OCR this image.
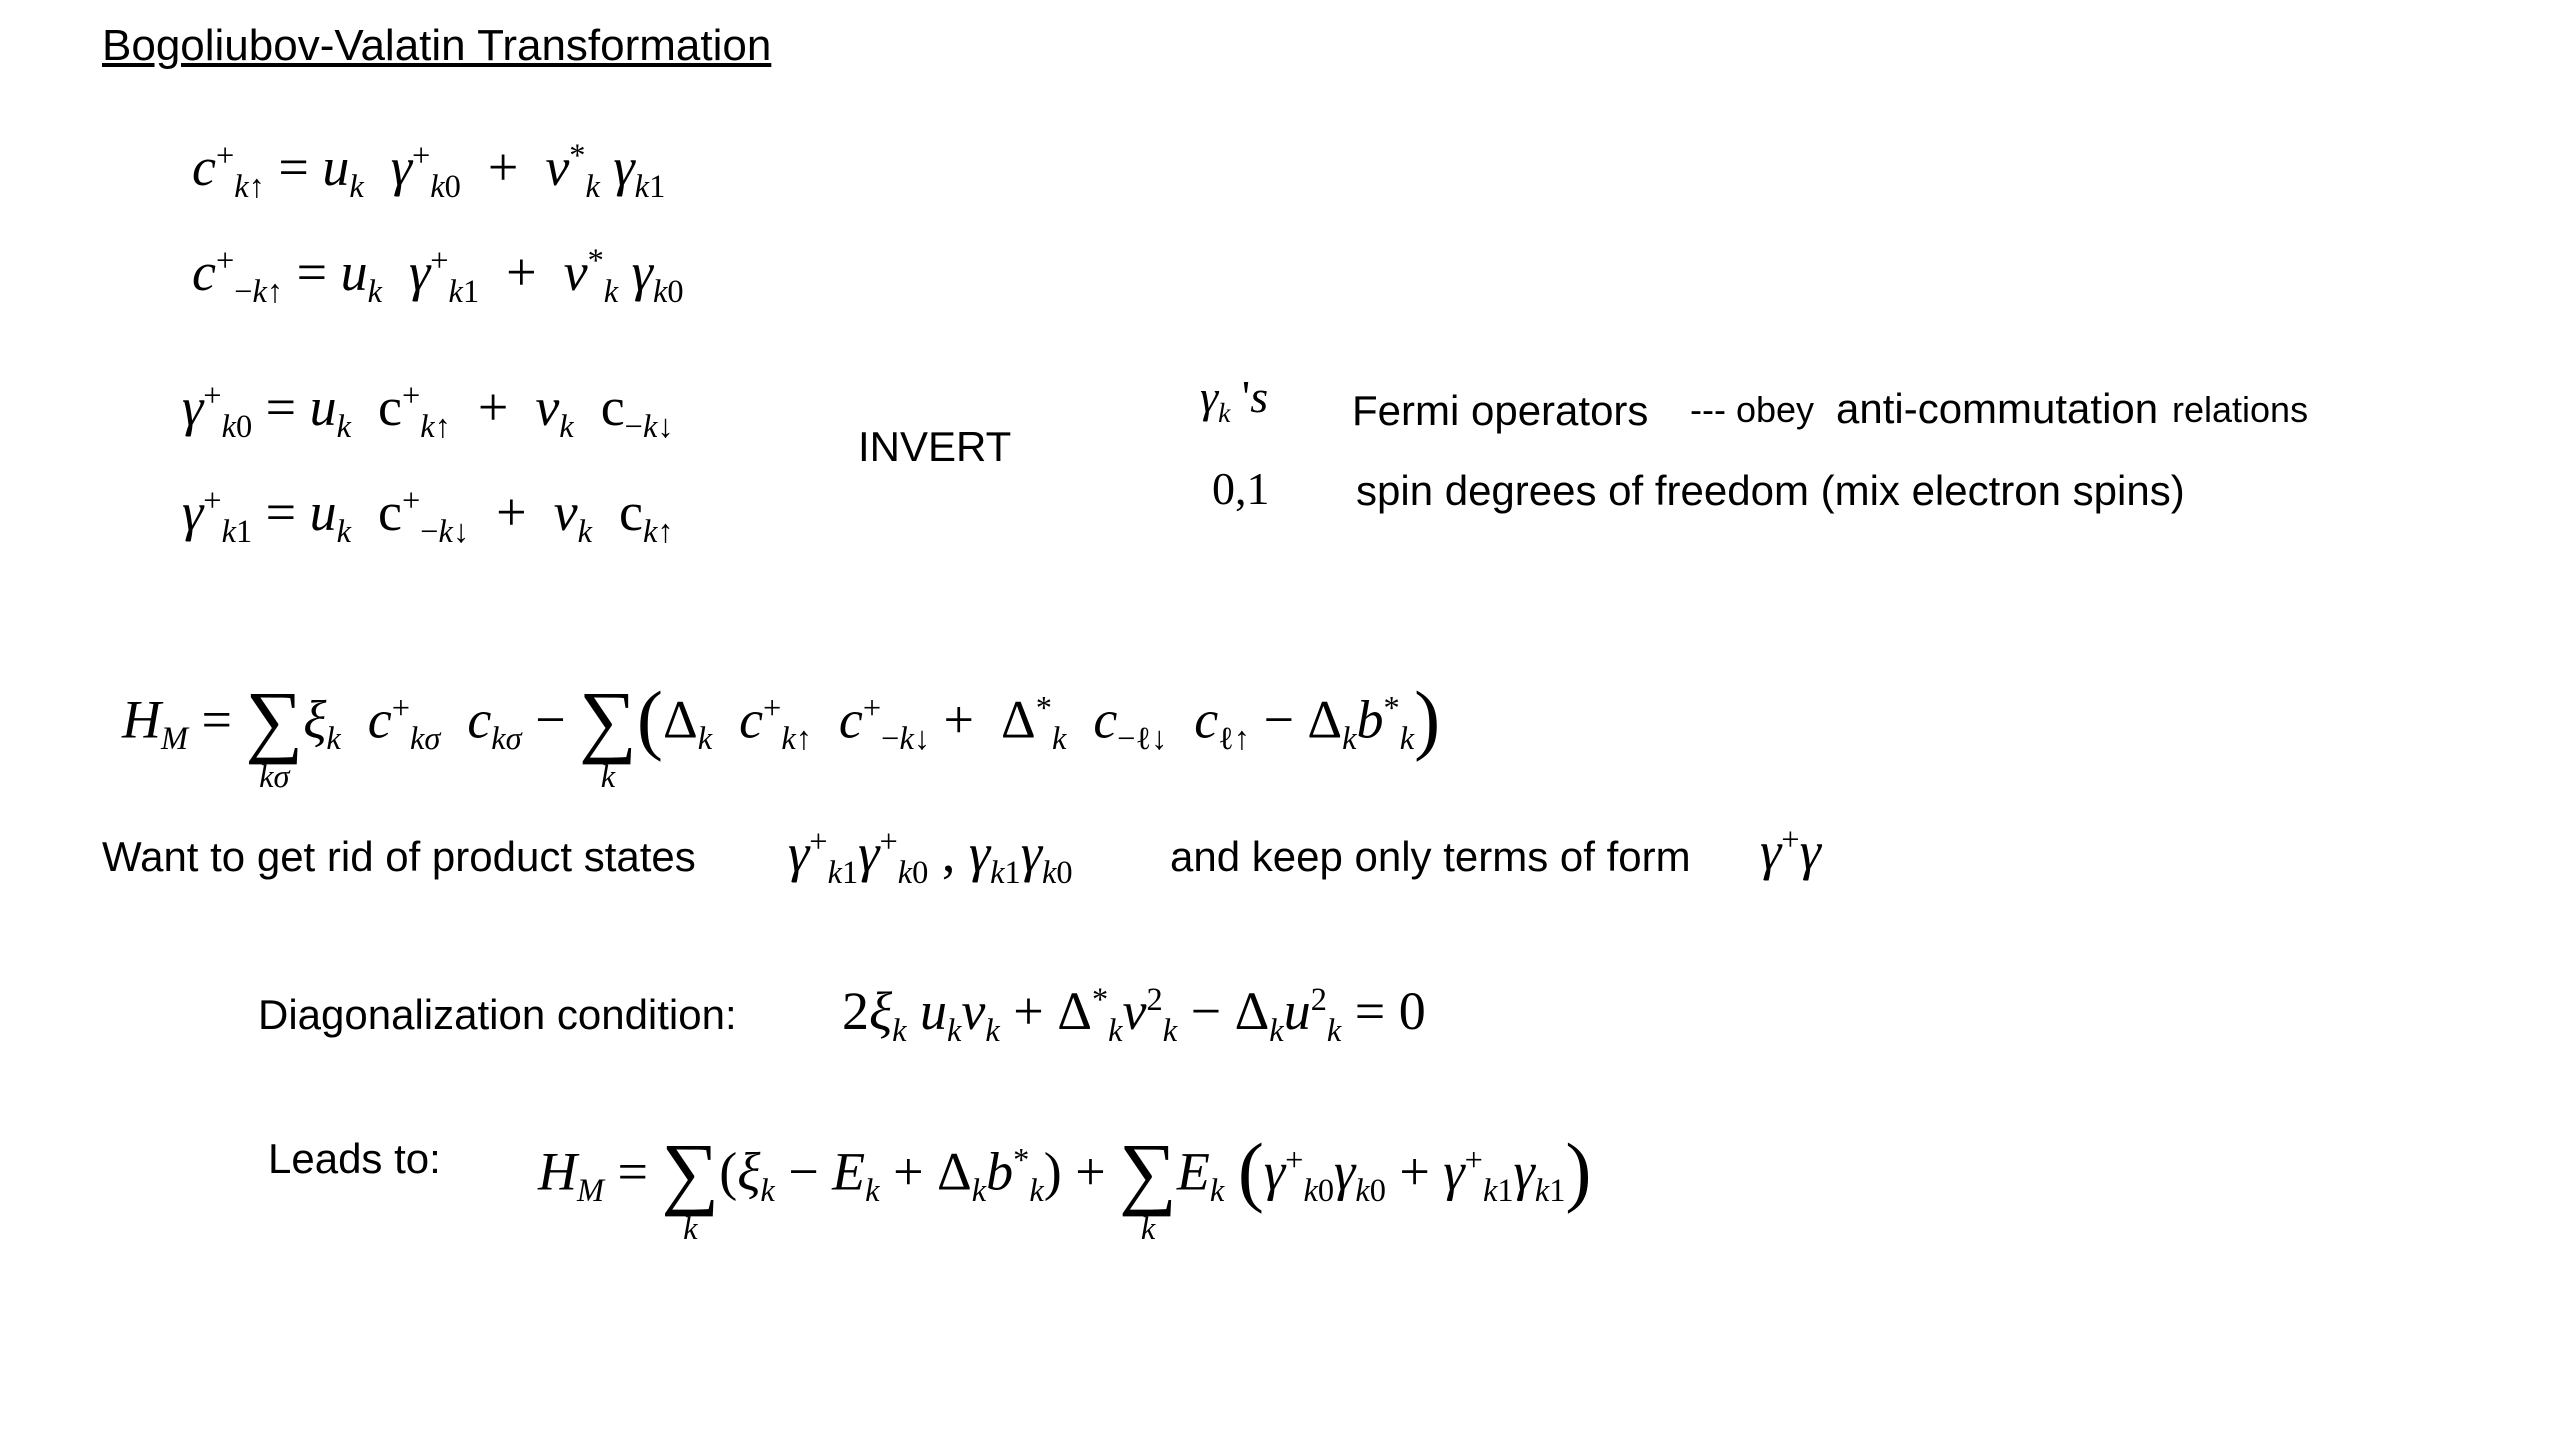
Bogoliubov-Valatin Transformation
$c^+_{k↑} = u_k$ $\gamma^+_{k0} + v^*_k$ $\gamma_{k1}$
$c^+_{-k↑} = u_k$ $\gamma^+_{k1} + v^*_k$ $\gamma_{k0}$
$\gamma^+_{k0} = u_k$  $c^+_{k↑} + v_k$  $c_{-k↓}$
$\gamma^+_{k1} = u_k$  $c^+_{-k↓} + v_k$  $c_{k↑}$
INVERT
$\gamma_k$ 's Fermi operators --- obey anti-commutation relations
0,1 spin degrees of freedom (mix electron spins)
$H_M$ = ∑
kσ
$\xi_k$ $c^+_{k\sigma}$ $c_{k\sigma}$ − ∑
k
($\Delta_k$ $c^+_{k↑}$ $c^+_{-k↓} + \Delta^*_k$ $c_{-\ell↓}$ $c_{\ell↑} - \Delta_kb^*_k$)
Want to get rid of product states $\gamma^+_{k1}\gamma^+_{k0}$ , $\gamma_{k1}\gamma_{k0}$ and keep only terms of form γ+γ
Diagonalization condition: $2\xi_k$ $u_kv_k + \Delta^*_kv^2_k - \Delta_ku^2_k = 0$
Leads to: $H_M$ = ∑
k
$(\xi_k - E_k + \Delta_kb^*_k)$ + ∑
k
$E_k$ $(\gamma^+_{k0}\gamma_{k0} + \gamma^+_{k1}\gamma_{k1})$
